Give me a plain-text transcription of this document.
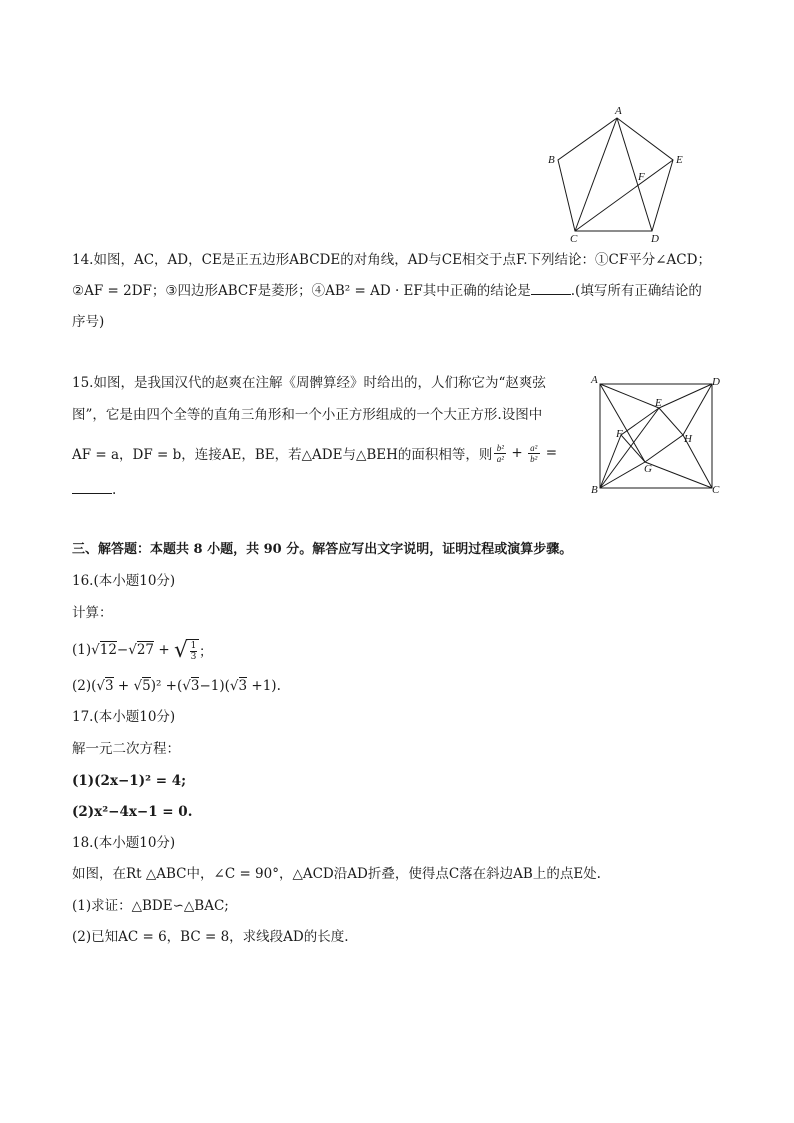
A
B	E
F
C	D
14.如图，AC，AD，CE是正五边形ABCDE的对角线，AD与CE相交于点F.下列结论：①CF平分∠ACD；
②AF = 2DF；③四边形ABCF是菱形；④AB² = AD · EF其中正确的结论是	.(填写所有正确结论的
序号)
A	D
E
F	H
G
B	C
15.如图，是我国汉代的赵爽在注解《周髀算经》时给出的，人们称它为“赵爽弦
图”，它是由四个全等的直角三角形和一个小正方形组成的一个大正方形.设图中
AF = a，DF = b，连接AE，BE，若△ADE与△BEH的面积相等，则 b²
a² + a²
b² =
.
三、解答题：本题共 8 小题，共 90 分。解答应写出文字说明，证明过程或演算步骤。
16.(本小题10分)
计算：
(1) √12 − √27 + √ 1
3 ；
(2)(√3 + √5)² +(√3−1)(√3 +1).
17.(本小题10分)
解一元二次方程：
(1)(2x−1)² = 4;
(2)x²−4x−1 = 0.
18.(本小题10分)
如图，在Rt △ABC中，∠C = 90°，△ACD沿AD折叠，使得点C落在斜边AB上的点E处.
(1)求证：△BDE∽△BAC;
(2)已知AC = 6，BC = 8，求线段AD的长度.
